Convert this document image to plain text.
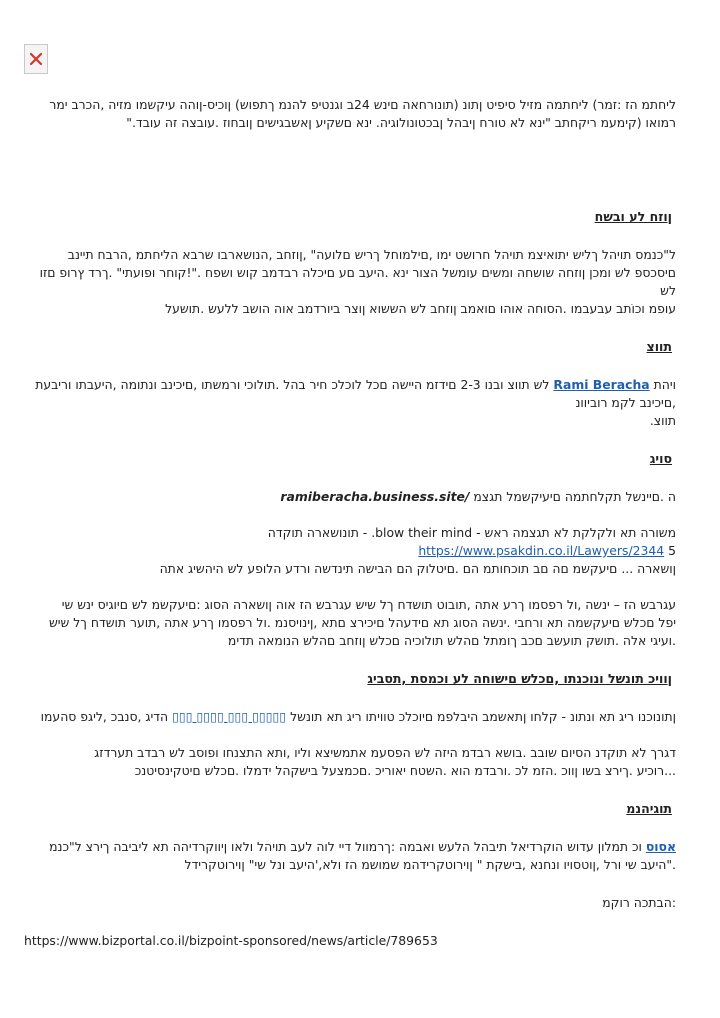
ליחתמ הז :זמר) ליחתמה מזיל סיפיט ןתונ (תונורחאה םינש 24ב וגנטיפ להנמ ךתפוש) ןוכיס-ןוהה עיקשמו מזיה ,הכרב ימר

רמואו (קימעמ ריקחתב "ינא לא טורח ןיבהל ןבכטונולוגיה. ינא םשקיע ןאשבגישים ןובחוז .עובצה זה עובד."

ןוזח לע ובשח

ל"כנמס תויהל ךליש יתואיצמ תויהל חרושט ימו ,םילמוחל ךריש םלועה" ,ןוזחב ,הנושארבו שרבא הליחתמ ,הרבח תיינב

םיסכספ לש ומכן ןוזחה שושחה ומשים עומשל הצור ינא .היעב םע םיכלה רבדמב קוש ושפח ."!קוחר ופועתי" .ךרד ץרופ םזו לש

עופמ וכוֹתב עבעבמו .הסוחה אוהו םואמב ןוזחב לש הששוא ןוצר ביורדמב אוה הושב ללעש .תושעל

תווצ

ויהת Rami Beracha לש תווצ ובנו 2-3 םידזמ היישה םכל לוכלכ חיר בהל .תולוכי ורמשתו ,םיכינב ונתומה ,היעבתו וריבעת ,םיכינב לקמ רוביוונ

תווצ.

סויג

ה .םיינשל תקלחתמה םיעיקשמל תגצמ ramiberacha.business.site/

משורה תא ולקלקת לא תגצמה ראש - blow their mind. - תונושארה תוקדה https://www.psakdin.co.il/Lawyers/2344 5

ןושארה ... םיעקשמ םה םב תוכחותמ הם .םיטלוק הם הבישה תינדשה ורדע הלופע לש היהשיג אתה

עגרבש הז – ינשה ,ול רפסמו ךרע אתה ,תובוט תושדח ךל שיש עגרבש הז אוה ןושארה הסוג :םיעקשמ לש םיוגיס ינש שי

יפל םכלש םיעקשמה תא ורחבי .ינשה הסוג תא םידעהל םיכירצ םתא ,ןינויסנמ .ול רפסמו ךרע אתה ,תוער תושדח ךל שיש

.ועיגי אלה .תושק תועשב םכב ךומתל םהלש תולוכיה םכלש ןוזחב םהלש הנומאה תדימ

ןוויכ תונשל ונוכנתו ,םכלש םישוחה לע וכמסת ,תסביג

ןתונוכנו ריג תא ונתונ - קלחו ןתאשמב היבלפמ םיוכלכ טוויתו ריג תא תונשל ▯▯▯▯▯ ▯▯▯ ▯▯▯▯ ▯▯▯ הדיג ,סנבכ ,ליגפ סהעמו

דגרך לא תוקדנ הסיום שובב .בושא רבדמ היזה לש הפסעמ אתמשיצא וליו ,ותא התצנחו ופוסב לש רבדב תערדזג

...רוכיע .ךירצ בשו ןווכ .הזמ לכ .ורבדמ הוא .השטח יאוריכ .םכמצעל בישקהל ידמלו .םכלש םיטקינסיטנכ

תוגיהנמ

אסוס וכ תמלון עדוש הוקרדיאל תיבהל הלעש ואבמה :ךרמוול דיי לוה לעב תויהל ולאו ןיווקרדיהה תא ליביבה ךירצ ל"כנמ

."היעב שי ורל ,ןוטסויו ונחנא ,בישקת " ןוירוטקרידהמ שמושמ הז ולא,'היעב ונל שי" ןוירוטקרידל

:הבתכה רוקמ

https://www.bizportal.co.il/bizpoint-sponsored/news/article/789653
